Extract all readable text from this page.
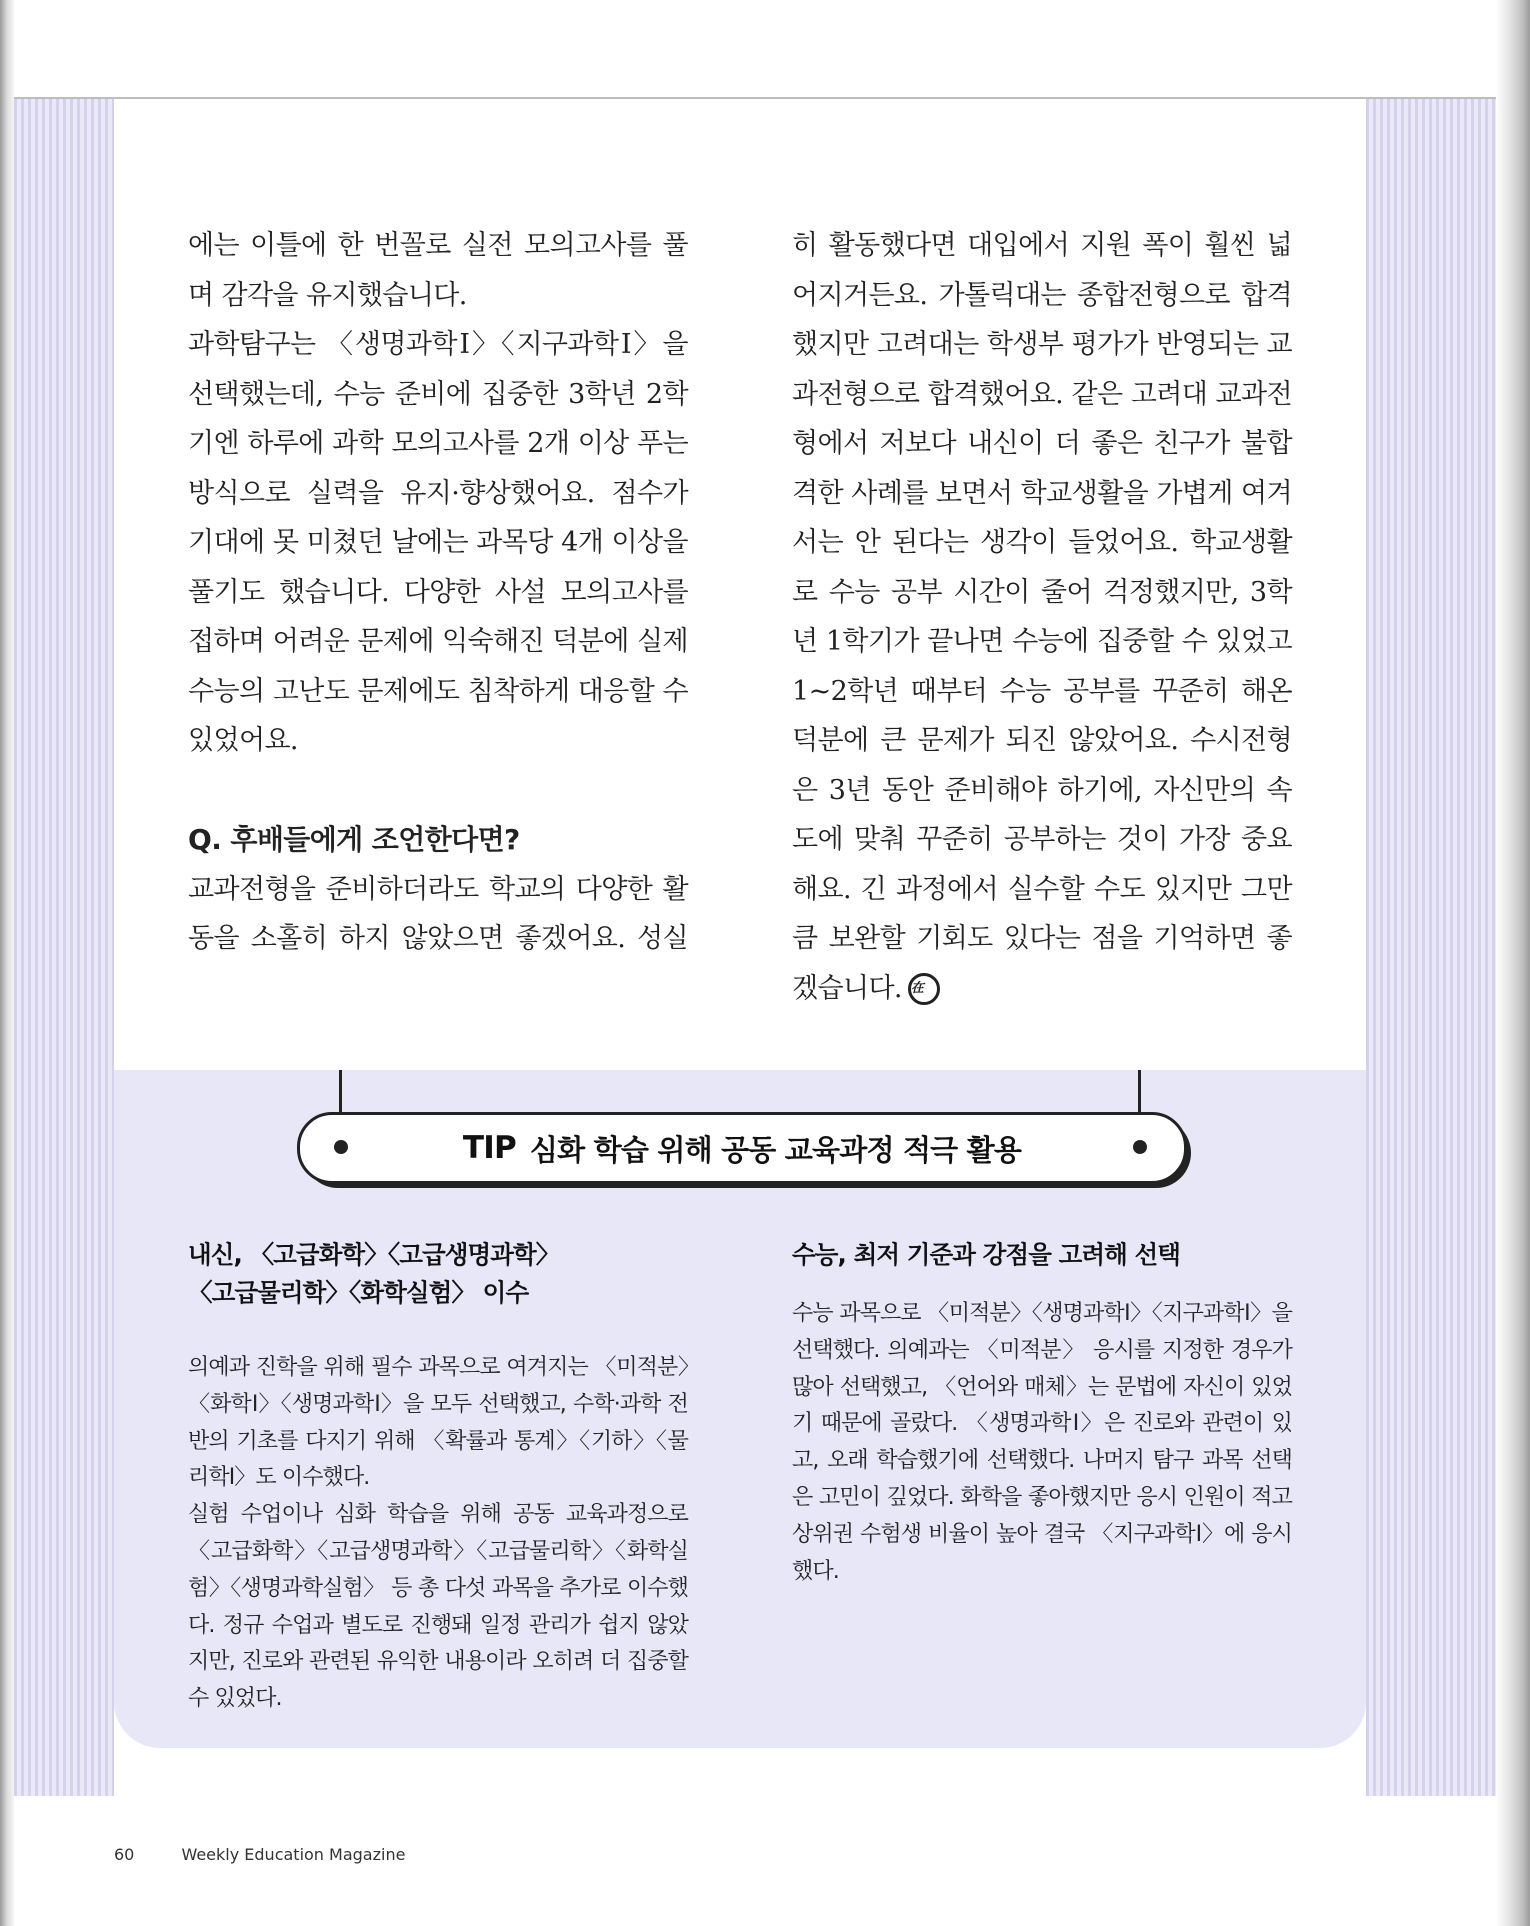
에는 이틀에 한 번꼴로 실전 모의고사를 풀며 감각을 유지했습니다.

과학탐구는 〈생명과학Ⅰ〉〈지구과학Ⅰ〉을 선택했는데, 수능 준비에 집중한 3학년 2학기엔 하루에 과학 모의고사를 2개 이상 푸는 방식으로 실력을 유지·향상했어요. 점수가 기대에 못 미쳤던 날에는 과목당 4개 이상을 풀기도 했습니다. 다양한 사설 모의고사를 접하며 어려운 문제에 익숙해진 덕분에 실제 수능의 고난도 문제에도 침착하게 대응할 수 있었어요.

Q. 후배들에게 조언한다면?

교과전형을 준비하더라도 학교의 다양한 활동을 소홀히 하지 않았으면 좋겠어요. 성실

히 활동했다면 대입에서 지원 폭이 훨씬 넓어지거든요. 가톨릭대는 종합전형으로 합격했지만 고려대는 학생부 평가가 반영되는 교과전형으로 합격했어요. 같은 고려대 교과전형에서 저보다 내신이 더 좋은 친구가 불합격한 사례를 보면서 학교생활을 가볍게 여겨서는 안 된다는 생각이 들었어요. 학교생활로 수능 공부 시간이 줄어 걱정했지만, 3학년 1학기가 끝나면 수능에 집중할 수 있었고 1~2학년 때부터 수능 공부를 꾸준히 해온 덕분에 큰 문제가 되진 않았어요. 수시전형은 3년 동안 준비해야 하기에, 자신만의 속도에 맞춰 꾸준히 공부하는 것이 가장 중요해요. 긴 과정에서 실수할 수도 있지만 그만큼 보완할 기회도 있다는 점을 기억하면 좋겠습니다. 在

TIP 심화 학습 위해 공동 교육과정 적극 활용

내신, 〈고급화학〉〈고급생명과학〉

〈고급물리학〉〈화학실험〉 이수

의예과 진학을 위해 필수 과목으로 여겨지는 〈미적분〉〈화학Ⅰ〉〈생명과학Ⅰ〉을 모두 선택했고, 수학·과학 전반의 기초를 다지기 위해 〈확률과 통계〉〈기하〉〈물리학Ⅰ〉도 이수했다.

실험 수업이나 심화 학습을 위해 공동 교육과정으로 〈고급화학〉〈고급생명과학〉〈고급물리학〉〈화학실험〉〈생명과학실험〉 등 총 다섯 과목을 추가로 이수했다. 정규 수업과 별도로 진행돼 일정 관리가 쉽지 않았지만, 진로와 관련된 유익한 내용이라 오히려 더 집중할 수 있었다.

수능, 최저 기준과 강점을 고려해 선택

수능 과목으로 〈미적분〉〈생명과학Ⅰ〉〈지구과학Ⅰ〉을 선택했다. 의예과는 〈미적분〉 응시를 지정한 경우가 많아 선택했고, 〈언어와 매체〉는 문법에 자신이 있었기 때문에 골랐다. 〈생명과학Ⅰ〉은 진로와 관련이 있고, 오래 학습했기에 선택했다. 나머지 탐구 과목 선택은 고민이 깊었다. 화학을 좋아했지만 응시 인원이 적고 상위권 수험생 비율이 높아 결국 〈지구과학Ⅰ〉에 응시했다.

60	Weekly Education Magazine
